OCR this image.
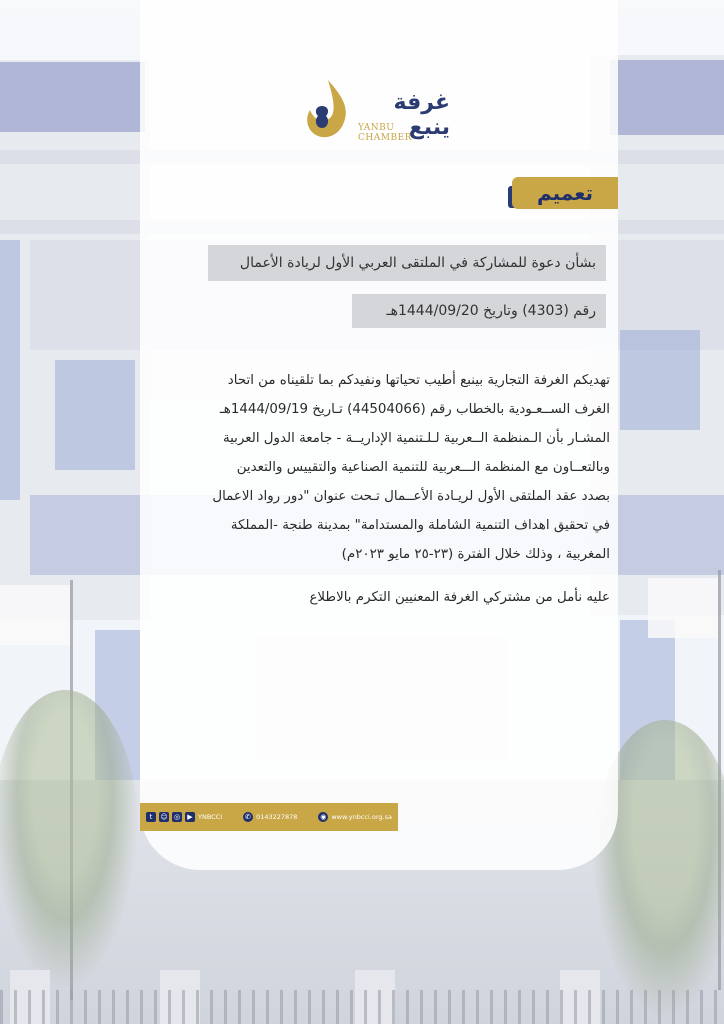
غرفة ينبع
YANBU CHAMBER
تعميم
بشأن دعوة للمشاركة في الملتقى العربي الأول لريادة الأعمال
رقم (4303) وتاريخ 1444/09/20هـ
تهديكم الغرفة التجارية بينبع أطيب تحياتها ونفيدكم بما تلقيناه من اتحاد
الغرف الســعـودية بالخطاب رقم (44504066) تـاريخ 1444/09/19هـ
المشـار بأن الـمنظمة الــعربية لـلـتنمية الإداريــة - جامعة الدول العربية
وبالتعــاون مع المنظمة الـــعربية للتنمية الصناعية والتقييس والتعدين
بصدد عقد الملتقى الأول لريـادة الأعــمال تـحت عنوان "دور رواد الاعمال
في تحقيق اهداف التنمية الشاملة والمستدامة" بمدينة طنجة -المملكة
المغربية ، وذلك خلال الفترة (٢٣-٢٥ مايو ٢٠٢٣م)
عليه نأمل من مشتركي الغرفة المعنيين التكرم بالاطلاع
t	☺ ◎	▶ YNBCCI	✆ 0143227878	◉ www.ynbcci.org.sa
